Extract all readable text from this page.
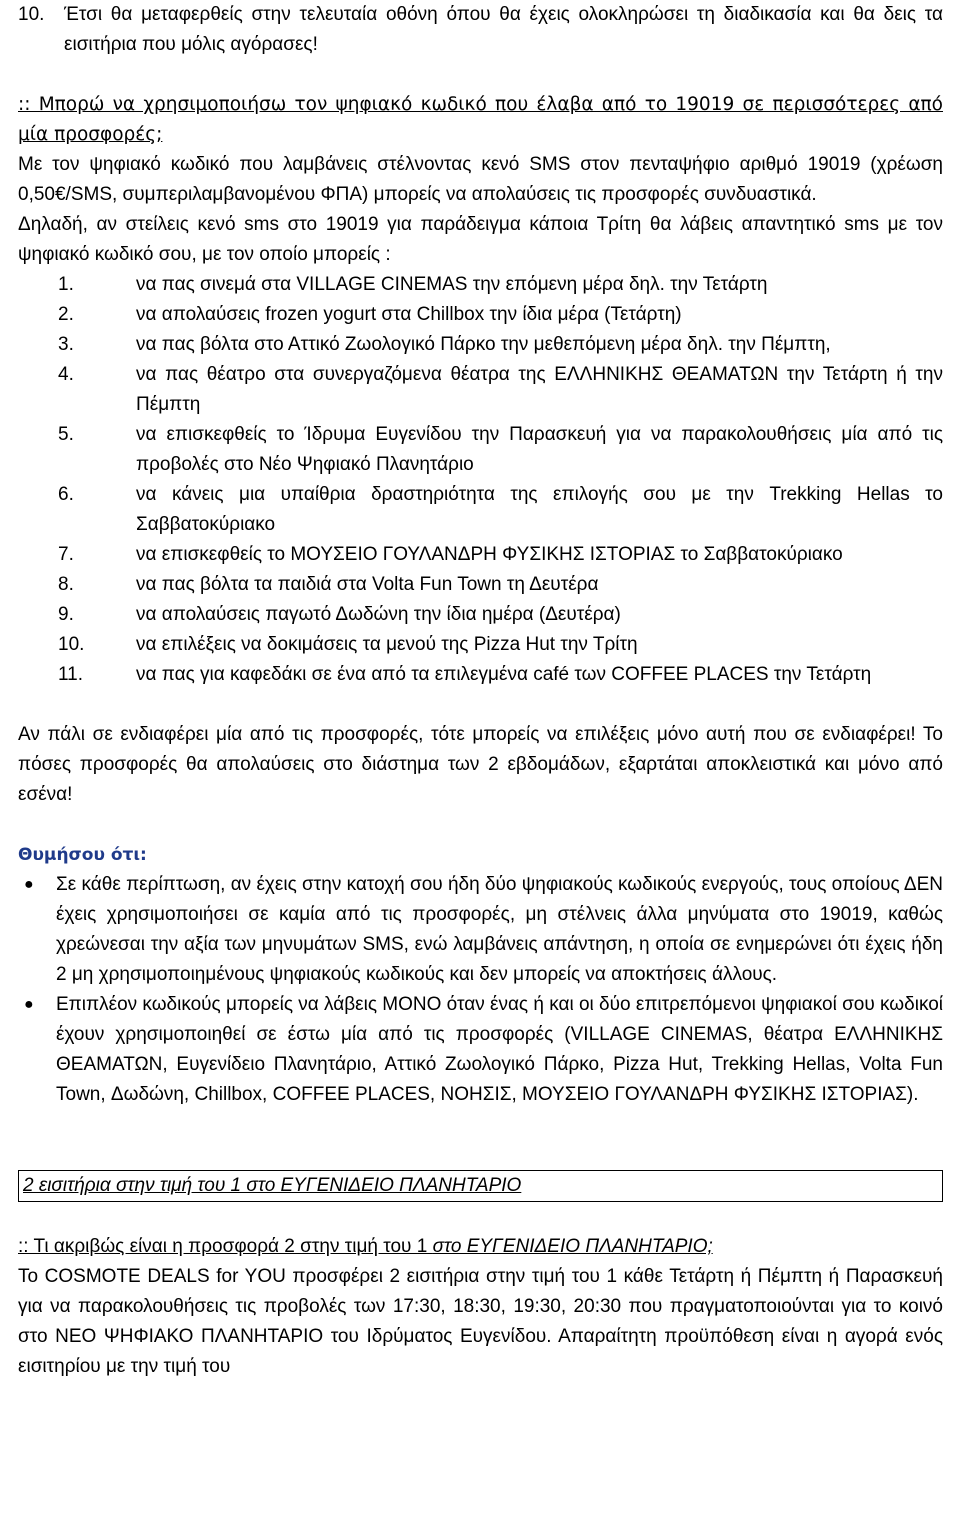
10.	Έτσι θα μεταφερθείς στην τελευταία οθόνη όπου θα έχεις ολοκληρώσει τη διαδικασία και θα δεις τα εισιτήρια που μόλις αγόρασες!

:: Μπορώ να χρησιμοποιήσω τον ψηφιακό κωδικό που έλαβα από το 19019 σε περισσότερες από μία προσφορές;

Με τον ψηφιακό κωδικό που λαμβάνεις στέλνοντας κενό SMS στον πενταψήφιο αριθμό 19019 (χρέωση 0,50€/SMS, συμπεριλαμβανομένου ΦΠΑ) μπορείς να απολαύσεις τις προσφορές συνδυαστικά.

Δηλαδή, αν στείλεις κενό sms στο 19019 για παράδειγμα κάποια Τρίτη θα λάβεις απαντητικό sms με τον ψηφιακό κωδικό σου, με τον οποίο μπορείς :

1.	να πας σινεμά στα VILLAGE CINEMAS την επόμενη μέρα δηλ. την Τετάρτη
2.	να απολαύσεις frozen yogurt στα Chillbox την ίδια μέρα (Τετάρτη)
3.	να πας βόλτα στο Αττικό Ζωολογικό Πάρκο την μεθεπόμενη μέρα δηλ. την Πέμπτη,
4.	να πας θέατρο στα συνεργαζόμενα θέατρα της ΕΛΛΗΝΙΚΗΣ ΘΕΑΜΑΤΩΝ την Τετάρτη ή την Πέμπτη
5.	να επισκεφθείς το Ίδρυμα Ευγενίδου την Παρασκευή για να παρακολουθήσεις μία από τις προβολές στο Νέο Ψηφιακό Πλανητάριο
6.	να κάνεις μια υπαίθρια δραστηριότητα της επιλογής σου με την Trekking Hellas το Σαββατοκύριακο
7.	να επισκεφθείς το ΜΟΥΣΕΙΟ ΓΟΥΛΑΝΔΡΗ ΦΥΣΙΚΗΣ ΙΣΤΟΡΙΑΣ το Σαββατοκύριακο
8.	να πας βόλτα τα παιδιά στα Volta Fun Town τη Δευτέρα
9.	να απολαύσεις παγωτό Δωδώνη την ίδια ημέρα (Δευτέρα)
10.	να επιλέξεις να δοκιμάσεις τα μενού της Pizza Hut την Τρίτη
11.	να πας για καφεδάκι σε ένα από τα επιλεγμένα café των COFFEE PLACES την Τετάρτη

Αν πάλι σε ενδιαφέρει μία από τις προσφορές, τότε μπορείς να επιλέξεις μόνο αυτή που σε ενδιαφέρει! Το πόσες προσφορές θα απολαύσεις στο διάστημα των 2 εβδομάδων, εξαρτάται αποκλειστικά και μόνο από εσένα!

Θυμήσου ότι:

●	Σε κάθε περίπτωση, αν έχεις στην κατοχή σου ήδη δύο ψηφιακούς κωδικούς ενεργούς, τους οποίους ΔΕΝ έχεις χρησιμοποιήσει σε καμία από τις προσφορές, μη στέλνεις άλλα μηνύματα στο 19019, καθώς χρεώνεσαι την αξία των μηνυμάτων SMS, ενώ λαμβάνεις απάντηση, η οποία σε ενημερώνει ότι έχεις ήδη 2 μη χρησιμοποιημένους ψηφιακούς κωδικούς και δεν μπορείς να αποκτήσεις άλλους.
●	Επιπλέον κωδικούς μπορείς να λάβεις ΜΟΝΟ όταν ένας ή και οι δύο επιτρεπόμενοι ψηφιακοί σου κωδικοί έχουν χρησιμοποιηθεί σε έστω μία από τις προσφορές (VILLAGE CINEMAS, θέατρα ΕΛΛΗΝΙΚΗΣ ΘΕΑΜΑΤΩΝ, Ευγενίδειο Πλανητάριο, Αττικό Ζωολογικό Πάρκο, Pizza Hut, Trekking Hellas, Volta Fun Town, Δωδώνη, Chillbox, COFFEE PLACES, ΝΟΗΣΙΣ, ΜΟΥΣΕΙΟ ΓΟΥΛΑΝΔΡΗ ΦΥΣΙΚΗΣ ΙΣΤΟΡΙΑΣ).
2 εισιτήρια στην τιμή του 1 στο ΕΥΓΕΝΙΔΕΙΟ ΠΛΑΝΗΤΑΡΙΟ

:: Τι ακριβώς είναι η προσφορά 2 στην τιμή του 1 στο ΕΥΓΕΝΙΔΕΙΟ ΠΛΑΝΗΤΑΡΙΟ;

Το COSMOTE DEALS for YOU προσφέρει 2 εισιτήρια στην τιμή του 1 κάθε Τετάρτη ή Πέμπτη ή Παρασκευή για να παρακολουθήσεις τις προβολές των 17:30, 18:30, 19:30, 20:30 που πραγματοποιούνται για το κοινό στο ΝΕΟ ΨΗΦΙΑΚΟ ΠΛΑΝΗΤΑΡΙΟ του Ιδρύματος Ευγενίδου. Απαραίτητη προϋπόθεση είναι η αγορά ενός εισιτηρίου με την τιμή του
